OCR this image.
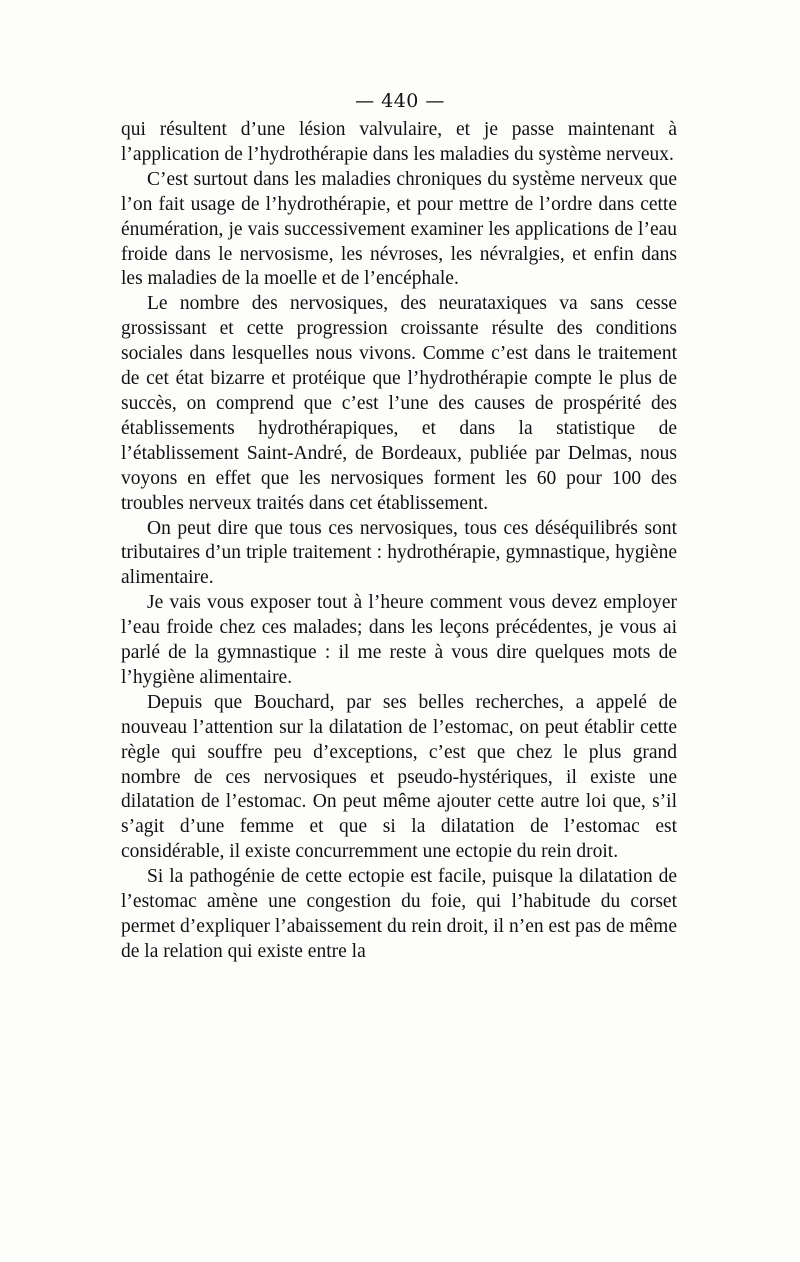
— 440 —

qui résultent d’une lésion valvulaire, et je passe maintenant à l’application de l’hydrothérapie dans les maladies du système nerveux.

C’est surtout dans les maladies chroniques du système nerveux que l’on fait usage de l’hydrothérapie, et pour mettre de l’ordre dans cette énumération, je vais successivement examiner les applications de l’eau froide dans le nervosisme, les névroses, les névralgies, et enfin dans les maladies de la moelle et de l’encéphale.

Le nombre des nervosiques, des neurataxiques va sans cesse grossissant et cette progression croissante résulte des conditions sociales dans lesquelles nous vivons. Comme c’est dans le traitement de cet état bizarre et protéique que l’hydrothérapie compte le plus de succès, on comprend que c’est l’une des causes de prospérité des établissements hydrothérapiques, et dans la statistique de l’établissement Saint-André, de Bordeaux, publiée par Delmas, nous voyons en effet que les nervosiques forment les 60 pour 100 des troubles nerveux traités dans cet établissement.

On peut dire que tous ces nervosiques, tous ces déséquilibrés sont tributaires d’un triple traitement : hydrothérapie, gymnastique, hygiène alimentaire.

Je vais vous exposer tout à l’heure comment vous devez employer l’eau froide chez ces malades; dans les leçons précédentes, je vous ai parlé de la gymnastique : il me reste à vous dire quelques mots de l’hygiène alimentaire.

Depuis que Bouchard, par ses belles recherches, a appelé de nouveau l’attention sur la dilatation de l’estomac, on peut établir cette règle qui souffre peu d’exceptions, c’est que chez le plus grand nombre de ces nervosiques et pseudo-hystériques, il existe une dilatation de l’estomac. On peut même ajouter cette autre loi que, s’il s’agit d’une femme et que si la dilatation de l’estomac est considérable, il existe concurremment une ectopie du rein droit.

Si la pathogénie de cette ectopie est facile, puisque la dilatation de l’estomac amène une congestion du foie, qui l’habitude du corset permet d’expliquer l’abaissement du rein droit, il n’en est pas de même de la relation qui existe entre la
